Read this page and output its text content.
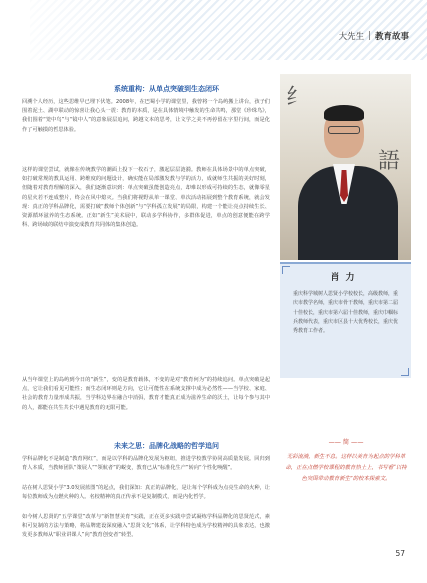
大先生 | 教育故事
系统重构：从单点突破到生态闭环

回溯个人经历，这些思维早已埋下伏笔。2008年，在巴蜀小学的课堂里，我曾将一个岛屿搬上讲台，孩子们围着泥土、湖中联动的惊喜让我心头一震：教育的本质，是在具体情境中触发的生命共鸣，那堂《珍珠鸟》，我们围着“笼中鸟”与“镜中人”的意象展层追问，跨越文本的思考，让文学之美不再停留在字里行间，而是化作了可触摸的哲思体验。

这样的课堂尝试，就像在传统教学的潮面上投下一枚石子，激起层层涟漪。教师在具体场景中的单点突破，如打破常规的教具运用、跨维度的问题设计，确实能在局部激发教与学的活力，成就师生共振的美好时刻，但随着对教育理解的深入，我们逐渐意识到：单点突破虽能创造亮点，却难以形成可持续的生态，就像零星的星火若不连成整片，终会在风中熄灭。当我们将视野从单一课堂、单次活动拓展到整个教育系统，就会发现：真正的学科品牌化，需要打破“教师个体创新”与“学科孤立发展”的局限，构建一个能让亮点持续生长、资源循环滋养的生态系统。正如“新生”美术展中，联动多学科协作，多群体促进，单点的创意便能在跨学科、跨场域的联结中演变成教育共同体的集体创造。

纟
語

从当年课堂上的岛屿到今日的“新生”，变的是教育载体，不变的是对“教育何为”的持续追问。单点突破是起点，它让我们看见可能性；而生态闭环则是方向，它让可能性在系统支撑中成为必然性——当学校、家庭、社会的教育力量形成共振，当学科边界在融合中消弭，教育才能真正成为滋养生命的沃土，让每个参与其中的人，都能在共生共长中遇见教育的无限可能。

肖力

重庆科学城树人思贤小学校校长，高级教师，重庆市教学名师，重庆市骨干教师，重庆市第二届十佳校长，重庆市第六届十佳教师，重庆巾帼标兵教师代表，重庆市区县十大优秀校长，重庆优秀教育工作者。

未来之思：品牌化战略的哲学追问

学科品牌化不是制造“教育网红”，而是以学科的品牌化发展为枢纽，推进学校教学协同高质量发展。回归到育人本质，当教师团队“策展人”“领航者”的蜕变，教育已从“标准化生产”转向“个性化唤醒”。

站在树人思贤小学“3.0发展蓝图”的起点，我们深知：真正的品牌化，是让每个学科成为点亮生命的火种，让每位教师成为点燃火种的人。名校精神的真正传承不是复制模式，而是内化哲学。

如今树人思贤的“五学课堂”改革与“新智慧美育”实践，正在更多实践中尝试凝练学科品牌化的思贤范式，素积可复制的方法与策略，将品牌建设深度融入“思贤文化”体系，让学科特色成为学校精神的具象表达，也激发更多教师从“职业讲课人”向“教育创变者”转型。

—— 简 ——

无彩流淌，新生不息。这样以美育为起点的学科革命，正在点燃学校课程的教育热土上，书写看“以特色突围带动教育新生”的校本探索文。

57
